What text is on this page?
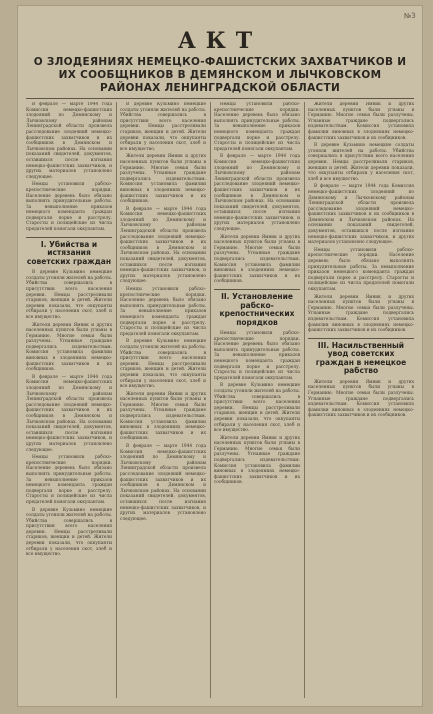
№3
АКТ
О ЗЛОДЕЯНИЯХ НЕМЕЦКО-ФАШИСТСКИХ ЗАХВАТЧИКОВ И ИХ СООБЩНИКОВ В ДЕМЯНСКОМ И ЛЫЧКОВСКОМ РАЙОНАХ ЛЕНИНГРАДСКОЙ ОБЛАСТИ

В феврале — марте 1944 года Комиссия немецко-фашистских злодеяний по Демянскому и Лычковскому районам Ленинградской области произвела расследование злодеяний немецко-фашистских захватчиков и их сообщников в Демянском и Лычковском районах. На основании показаний свидетелей, документов, оставшихся после изгнания немецко-фашистских захватчиков, и других материалов установлено следующее.

Немцы установили рабско-крепостнические порядки. Население деревень было обязано выполнять принудительные работы. За невыполнение приказов немецкого коменданта граждан подвергали порке и расстрелу. Старосты и полицейские из числа предателей помогали оккупантам.

I. Убийства и истязания советских граждан

В деревне Кузьмино немецкие солдаты угоняли жителей на работы. Убийства совершались в присутствии всего населения деревни. Немцы расстреливали стариков, женщин и детей. Жители деревни показали, что оккупанты отбирали у населения скот, хлеб и все имущество.

Жители деревни Ямник и других населенных пунктов были угнаны в Германию. Многие семьи были разлучены. Угнанные граждане подвергались издевательствам. Комиссия установила фамилии виновных в злодеяниях немецко-фашистских захватчиков и их сообщников.

В феврале — марте 1944 года Комиссия немецко-фашистских злодеяний по Демянскому и Лычковскому районам Ленинградской области произвела расследование злодеяний немецко-фашистских захватчиков и их сообщников в Демянском и Лычковском районах. На основании показаний свидетелей, документов, оставшихся после изгнания немецко-фашистских захватчиков, и других материалов установлено следующее.

Немцы установили рабско-крепостнические порядки. Население деревень было обязано выполнять принудительные работы. За невыполнение приказов немецкого коменданта граждан подвергали порке и расстрелу. Старосты и полицейские из числа предателей помогали оккупантам.

В деревне Кузьмино немецкие солдаты угоняли жителей на работы. Убийства совершались в присутствии всего населения деревни. Немцы расстреливали стариков, женщин и детей. Жители деревни показали, что оккупанты отбирали у населения скот, хлеб и все имущество.

В деревне Кузьмино немецкие солдаты угоняли жителей на работы. Убийства совершались в присутствии всего населения деревни. Немцы расстреливали стариков, женщин и детей. Жители деревни показали, что оккупанты отбирали у населения скот, хлеб и все имущество.

Жители деревни Ямник и других населенных пунктов были угнаны в Германию. Многие семьи были разлучены. Угнанные граждане подвергались издевательствам. Комиссия установила фамилии виновных в злодеяниях немецко-фашистских захватчиков и их сообщников.

В феврале — марте 1944 года Комиссия немецко-фашистских злодеяний по Демянскому и Лычковскому районам Ленинградской области произвела расследование злодеяний немецко-фашистских захватчиков и их сообщников в Демянском и Лычковском районах. На основании показаний свидетелей, документов, оставшихся после изгнания немецко-фашистских захватчиков, и других материалов установлено следующее.

Немцы установили рабско-крепостнические порядки. Население деревень было обязано выполнять принудительные работы. За невыполнение приказов немецкого коменданта граждан подвергали порке и расстрелу. Старосты и полицейские из числа предателей помогали оккупантам.

В деревне Кузьмино немецкие солдаты угоняли жителей на работы. Убийства совершались в присутствии всего населения деревни. Немцы расстреливали стариков, женщин и детей. Жители деревни показали, что оккупанты отбирали у населения скот, хлеб и все имущество.

Жители деревни Ямник и других населенных пунктов были угнаны в Германию. Многие семьи были разлучены. Угнанные граждане подвергались издевательствам. Комиссия установила фамилии виновных в злодеяниях немецко-фашистских захватчиков и их сообщников.

В феврале — марте 1944 года Комиссия немецко-фашистских злодеяний по Демянскому и Лычковскому районам Ленинградской области произвела расследование злодеяний немецко-фашистских захватчиков и их сообщников в Демянском и Лычковском районах. На основании показаний свидетелей, документов, оставшихся после изгнания немецко-фашистских захватчиков, и других материалов установлено следующее.

Немцы установили рабско-крепостнические порядки. Население деревень было обязано выполнять принудительные работы. За невыполнение приказов немецкого коменданта граждан подвергали порке и расстрелу. Старосты и полицейские из числа предателей помогали оккупантам.

В феврале — марте 1944 года Комиссия немецко-фашистских злодеяний по Демянскому и Лычковскому районам Ленинградской области произвела расследование злодеяний немецко-фашистских захватчиков и их сообщников в Демянском и Лычковском районах. На основании показаний свидетелей, документов, оставшихся после изгнания немецко-фашистских захватчиков, и других материалов установлено следующее.

Жители деревни Ямник и других населенных пунктов были угнаны в Германию. Многие семьи были разлучены. Угнанные граждане подвергались издевательствам. Комиссия установила фамилии виновных в злодеяниях немецко-фашистских захватчиков и их сообщников.

II. Установление рабско-крепостнических порядков

Немцы установили рабско-крепостнические порядки. Население деревень было обязано выполнять принудительные работы. За невыполнение приказов немецкого коменданта граждан подвергали порке и расстрелу. Старосты и полицейские из числа предателей помогали оккупантам.

В деревне Кузьмино немецкие солдаты угоняли жителей на работы. Убийства совершались в присутствии всего населения деревни. Немцы расстреливали стариков, женщин и детей. Жители деревни показали, что оккупанты отбирали у населения скот, хлеб и все имущество.

Жители деревни Ямник и других населенных пунктов были угнаны в Германию. Многие семьи были разлучены. Угнанные граждане подвергались издевательствам. Комиссия установила фамилии виновных в злодеяниях немецко-фашистских захватчиков и их сообщников.

Жители деревни Ямник и других населенных пунктов были угнаны в Германию. Многие семьи были разлучены. Угнанные граждане подвергались издевательствам. Комиссия установила фамилии виновных в злодеяниях немецко-фашистских захватчиков и их сообщников.

В деревне Кузьмино немецкие солдаты угоняли жителей на работы. Убийства совершались в присутствии всего населения деревни. Немцы расстреливали стариков, женщин и детей. Жители деревни показали, что оккупанты отбирали у населения скот, хлеб и все имущество.

В феврале — марте 1944 года Комиссия немецко-фашистских злодеяний по Демянскому и Лычковскому районам Ленинградской области произвела расследование злодеяний немецко-фашистских захватчиков и их сообщников в Демянском и Лычковском районах. На основании показаний свидетелей, документов, оставшихся после изгнания немецко-фашистских захватчиков, и других материалов установлено следующее.

Немцы установили рабско-крепостнические порядки. Население деревень было обязано выполнять принудительные работы. За невыполнение приказов немецкого коменданта граждан подвергали порке и расстрелу. Старосты и полицейские из числа предателей помогали оккупантам.

Жители деревни Ямник и других населенных пунктов были угнаны в Германию. Многие семьи были разлучены. Угнанные граждане подвергались издевательствам. Комиссия установила фамилии виновных в злодеяниях немецко-фашистских захватчиков и их сообщников.

III. Насильственный увод советских граждан в немецкое рабство

Жители деревни Ямник и других населенных пунктов были угнаны в Германию. Многие семьи были разлучены. Угнанные граждане подвергались издевательствам. Комиссия установила фамилии виновных в злодеяниях немецко-фашистских захватчиков и их сообщников.
